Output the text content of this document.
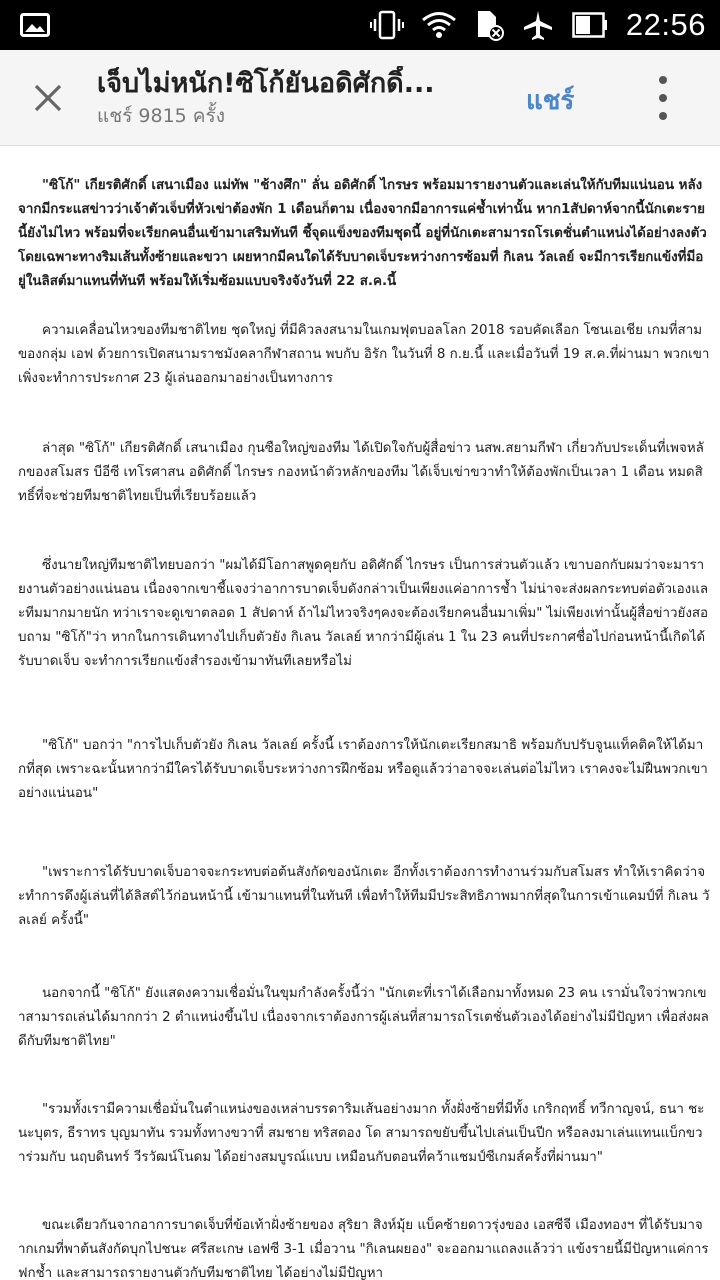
22:56
เจ็บไม่หนัก!ซิโก้ยันอดิศักดิ์...
แชร์ 9815 ครั้ง	แชร์

"ซิโก้" เกียรติศักดิ์ เสนาเมือง แม่ทัพ "ช้างศึก" ลั่น อดิศักดิ์ ไกรษร พร้อมมารายงานตัวและเล่นให้กับทีมแน่นอน หลังจากมีกระแสข่าวว่าเจ้าตัวเจ็บที่หัวเข่าต้องพัก 1 เดือนก็ตาม เนื่องจากมีอาการแค่ช้ำเท่านั้น หาก1สัปดาห์จากนี้นักเตะรายนี้ยังไม่ไหว พร้อมที่จะเรียกคนอื่นเข้ามาเสริมทันที ชี้จุดแข็งของทีมชุดนี้ อยู่ที่นักเตะสามารถโรเตชั่นตำแหน่งได้อย่างลงตัว โดยเฉพาะทางริมเส้นทั้งซ้ายและขวา เผยหากมีคนใดได้รับบาดเจ็บระหว่างการซ้อมที่ กิเลน วัลเลย์ จะมีการเรียกแข้งที่มีอยู่ในลิสต์มาแทนที่ทันที พร้อมให้เริ่มซ้อมแบบจริงจังวันที่ 22 ส.ค.นี้

ความเคลื่อนไหวของทีมชาติไทย ชุดใหญ่ ที่มีคิวลงสนามในเกมฟุตบอลโลก 2018 รอบคัดเลือก โซนเอเชีย เกมที่สาม ของกลุ่ม เอฟ ด้วยการเปิดสนามราชมังคลากีฬาสถาน พบกับ อิรัก ในวันที่ 8 ก.ย.นี้ และเมื่อวันที่ 19 ส.ค.ที่ผ่านมา พวกเขาเพิ่งจะทำการประกาศ 23 ผู้เล่นออกมาอย่างเป็นทางการ

ล่าสุด "ซิโก้" เกียรติศักดิ์ เสนาเมือง กุนซือใหญ่ของทีม ได้เปิดใจกับผู้สื่อข่าว นสพ.สยามกีฬา เกี่ยวกับประเด็นที่เพจหลักของสโมสร บีอีซี เทโรศาสน อดิศักดิ์ ไกรษร กองหน้าตัวหลักของทีม ได้เจ็บเข่าขวาทำให้ต้องพักเป็นเวลา 1 เดือน หมดสิทธิ์ที่จะช่วยทีมชาติไทยเป็นที่เรียบร้อยแล้ว

ซึ่งนายใหญ่ทีมชาติไทยบอกว่า "ผมได้มีโอกาสพูดคุยกับ อดิศักดิ์ ไกรษร เป็นการส่วนตัวแล้ว เขาบอกกับผมว่าจะมารายงานตัวอย่างแน่นอน เนื่องจากเขาชี้แจงว่าอาการบาดเจ็บดังกล่าวเป็นเพียงแค่อาการช้ำ ไม่น่าจะส่งผลกระทบต่อตัวเองและทีมมากมายนัก ทว่าเราจะดูเขาตลอด 1 สัปดาห์ ถ้าไม่ไหวจริงๆคงจะต้องเรียกคนอื่นมาเพิ่ม" ไม่เพียงเท่านั้นผู้สื่อข่าวยังสอบถาม "ซิโก้"ว่า หากในการเดินทางไปเก็บตัวยัง กิเลน วัลเลย์ หากว่ามีผู้เล่น 1 ใน 23 คนที่ประกาศชื่อไปก่อนหน้านี้เกิดได้รับบาดเจ็บ จะทำการเรียกแข้งสำรองเข้ามาทันทีเลยหรือไม่

"ซิโก้" บอกว่า "การไปเก็บตัวยัง กิเลน วัลเลย์ ครั้งนี้ เราต้องการให้นักเตะเรียกสมาธิ พร้อมกับปรับจูนแท็คติคให้ได้มากที่สุด เพราะฉะนั้นหากว่ามีใครได้รับบาดเจ็บระหว่างการฝึกซ้อม หรือดูแล้วว่าอาจจะเล่นต่อไม่ไหว เราคงจะไม่ฝืนพวกเขาอย่างแน่นอน"

"เพราะการได้รับบาดเจ็บอาจจะกระทบต่อต้นสังกัดของนักเตะ อีกทั้งเราต้องการทำงานร่วมกับสโมสร ทำให้เราคิดว่าจะทำการดึงผู้เล่นที่ได้ลิสต์ไว้ก่อนหน้านี้ เข้ามาแทนที่ในทันที เพื่อทำให้ทีมมีประสิทธิภาพมากที่สุดในการเข้าแคมป์ที่ กิเลน วัลเลย์ ครั้งนี้"

นอกจากนี้ "ซิโก้" ยังแสดงความเชื่อมั่นในขุมกำลังครั้งนี้ว่า "นักเตะที่เราได้เลือกมาทั้งหมด 23 คน เรามั่นใจว่าพวกเขาสามารถเล่นได้มากกว่า 2 ตำแหน่งขึ้นไป เนื่องจากเราต้องการผู้เล่นที่สามารถโรเตชั่นตัวเองได้อย่างไม่มีปัญหา เพื่อส่งผลดีกับทีมชาติไทย"

"รวมทั้งเรามีความเชื่อมั่นในตำแหน่งของเหล่าบรรดาริมเส้นอย่างมาก ทั้งฝั่งซ้ายที่มีทั้ง เกริกฤทธิ์ ทวีกาญจน์, ธนา ชะนะบุตร, ธีราทร บุญมาทัน รวมทั้งทางขวาที่ สมชาย ทริสตอง โด สามารถขยับขึ้นไปเล่นเป็นปีก หรือลงมาเล่นแทนแบ็กขวาร่วมกับ นฤบดินทร์ วีรวัฒน์โนดม ได้อย่างสมบูรณ์แบบ เหมือนกับตอนที่คว้าแชมป์ซีเกมส์ครั้งที่ผ่านมา"

ขณะเดียวกันจากอาการบาดเจ็บที่ข้อเท้าฝั่งซ้ายของ สุริยา สิงห์มุ้ย แบ็คซ้ายดาวรุ่งของ เอสซีจี เมืองทองฯ ที่ได้รับมาจากเกมที่พาต้นสังกัดบุกไปชนะ ศรีสะเกษ เอฟซี 3-1 เมื่อวาน "กิเลนผยอง" จะออกมาแถลงแล้วว่า แข้งรายนี้มีปัญหาแค่การฟกช้ำ และสามารถรายงานตัวกับทีมชาติไทย ได้อย่างไม่มีปัญหา
